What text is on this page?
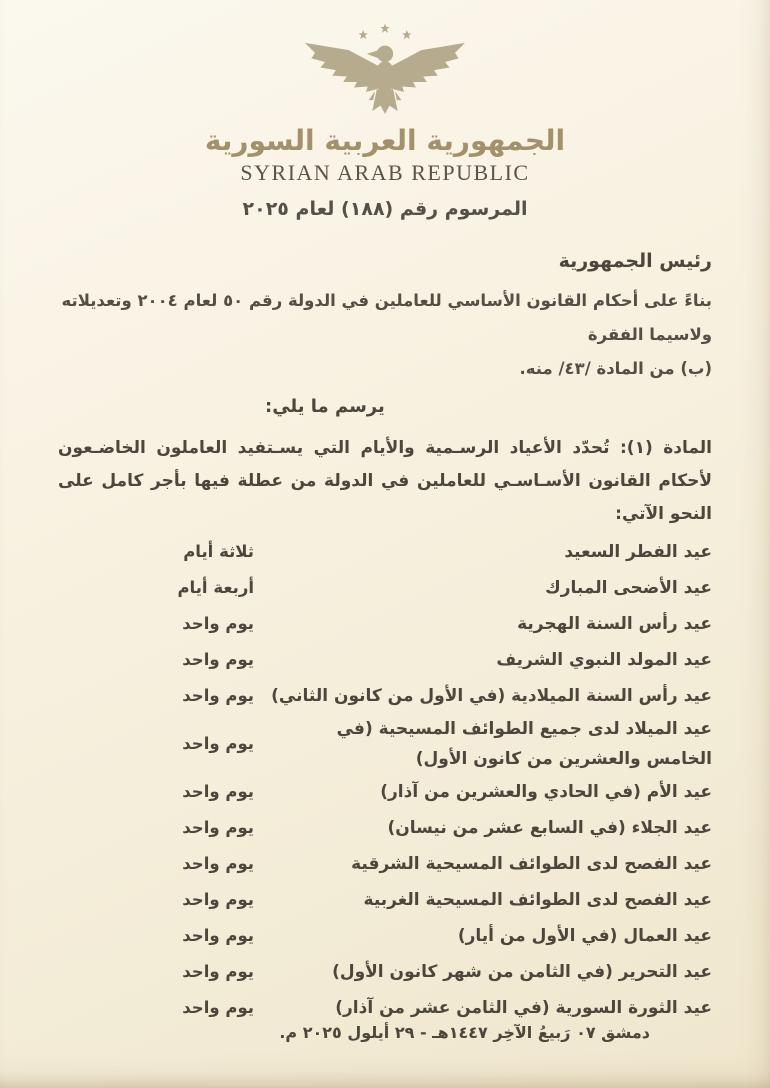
الجمهورية العربية السورية
SYRIAN ARAB REPUBLIC
المرسوم رقم (١٨٨) لعام ٢٠٢٥
رئيس الجمهورية
بناءً على أحكام القانون الأساسي للعاملين في الدولة رقم ٥٠ لعام ٢٠٠٤ وتعديلاته ولاسيما الفقرة
(ب) من المادة /٤٣/ منه.
يرسم ما يلي:
المادة (١): تُحدّد الأعياد الرسـمية والأيام التي يسـتفيد العاملون الخاضـعون لأحكام القانون الأسـاسـي للعاملين في الدولة من عطلة فيها بأجر كامل على النحو الآتي:
عيد الفطر السعيد
ثلاثة أيام
عيد الأضحى المبارك
أربعة أيام
عيد رأس السنة الهجرية
يوم واحد
عيد المولد النبوي الشريف
يوم واحد
عيد رأس السنة الميلادية (في الأول من كانون الثاني)
يوم واحد
عيد الميلاد لدى جميع الطوائف المسيحية (في الخامس والعشرين من كانون الأول)
يوم واحد
عيد الأم (في الحادي والعشرين من آذار)
يوم واحد
عيد الجلاء (في السابع عشر من نيسان)
يوم واحد
عيد الفصح لدى الطوائف المسيحية الشرقية
يوم واحد
عيد الفصح لدى الطوائف المسيحية الغربية
يوم واحد
عيد العمال (في الأول من أيار)
يوم واحد
عيد التحرير (في الثامن من شهر كانون الأول)
يوم واحد
عيد الثورة السورية (في الثامن عشر من آذار)
يوم واحد
دمشق ٠٧ رَبيعُ الآخِر ١٤٤٧هـ - ٢٩ أيلول ٢٠٢٥ م.
